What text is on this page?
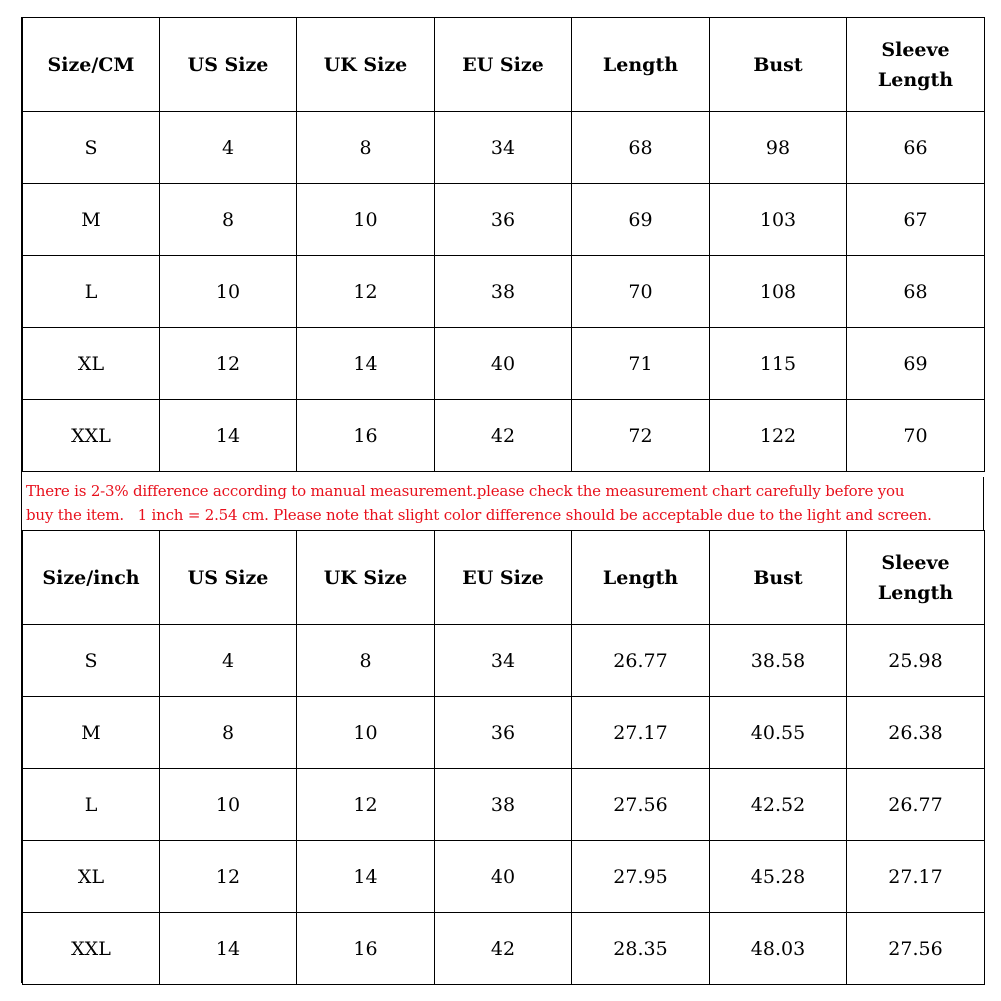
Size/CM	US Size	UK Size	EU Size	Length	Bust	Sleeve
Length
S	4	8	34	68	98	66
M	8	10	36	69	103	67
L	10	12	38	70	108	68
XL	12	14	40	71	115	69
XXL	14	16	42	72	122	70
There is 2-3% difference according to manual measurement.please check the measurement chart carefully before you
buy the item.   1 inch = 2.54 cm. Please note that slight color difference should be acceptable due to the light and screen.
Size/inch	US Size	UK Size	EU Size	Length	Bust	Sleeve
Length
S	4	8	34	26.77	38.58	25.98
M	8	10	36	27.17	40.55	26.38
L	10	12	38	27.56	42.52	26.77
XL	12	14	40	27.95	45.28	27.17
XXL	14	16	42	28.35	48.03	27.56
